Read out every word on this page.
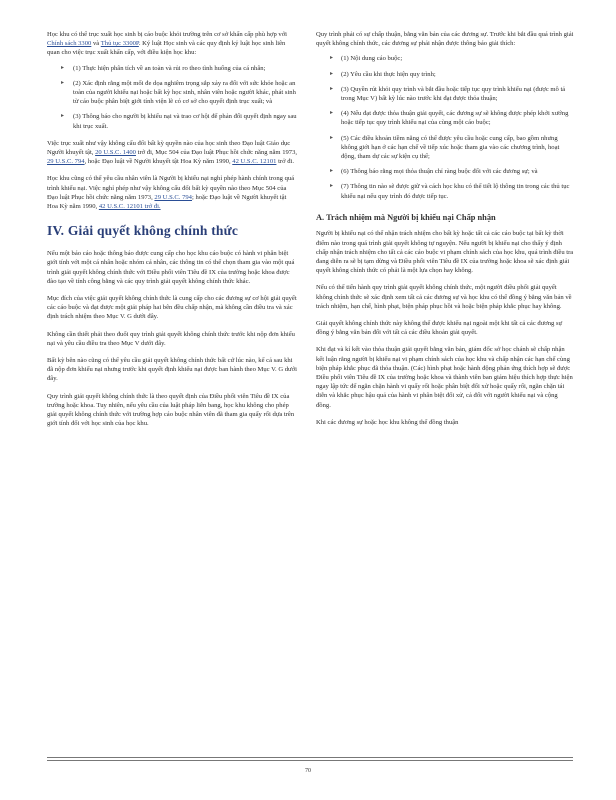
Học khu có thể trục xuất học sinh bị cáo buộc khỏi trường trên cơ sở khẩn cấp phù hợp với Chính sách 3300 và Thủ tục 3300P. Ký luật Học sinh và các quy định kỷ luật học sinh liên quan cho việc trục xuất khẩn cấp, với điều kiện học khu:

▸ (1) Thực hiện phân tích về an toàn và rủi ro theo tình huống của cá nhân;
▸ (2) Xác định rằng một mối đe dọa nghiêm trọng sắp xảy ra đối với sức khỏe hoặc an toàn của người khiếu nại hoặc bất kỳ học sinh, nhân viên hoặc người khác, phát sinh từ cáo buộc phân biệt giới tính viện lẽ có cơ sở cho quyết định trục xuất; và
▸ (3) Thông báo cho người bị khiếu nại và trao cơ hội để phản đối quyết định ngay sau khi trục xuất.

Việc trục xuất như vậy không cấu đổi bất kỳ quyền nào của học sinh theo Đạo luật Giáo dục Người khuyết tật, 20 U.S.C. 1400 trở đi, Mục 504 của Đạo luật Phục hồi chức năng năm 1973, 29 U.S.C. 794, hoặc Đạo luật về Người khuyết tật Hoa Kỳ năm 1990, 42 U.S.C. 12101 trở đi.

Học khu cũng có thể yêu cầu nhân viên là Người bị khiếu nại nghỉ phép hành chính trong quá trình khiếu nại. Việc nghỉ phép như vậy không cấu đổi bất kỳ quyền nào theo Mục 504 của Đạo luật Phục hồi chức năng năm 1973, 29 U.S.C. 794; hoặc Đạo luật về Người khuyết tật Hoa Kỳ năm 1990, 42 U.S.C. 12101 trở đi.

IV. Giải quyết không chính thức

Nếu một báo cáo hoặc thông báo được cung cấp cho học khu cáo buộc có hành vi phân biệt giới tính với một cá nhân hoặc nhóm cá nhân, các thông tin có thể chọn tham gia vào một quá trình giải quyết không chính thức với Điều phối viên Tiêu đề IX của trường hoặc khoa được đào tạo về tính công bằng và các quy trình giải quyết không chính thức khác.

Mục đích của việc giải quyết không chính thức là cung cấp cho các đương sự cơ hội giải quyết các cáo buộc và đạt được một giải pháp hai bên đều chấp nhận, mà không cần điều tra và xác định trách nhiệm theo Mục V. G dưới đây.

Không cần thiết phải theo đuổi quy trình giải quyết không chính thức trước khi nộp đơn khiếu nại và yêu cầu điều tra theo Mục V dưới đây.

Bất kỳ bên nào cũng có thể yêu cầu giải quyết không chính thức bất cứ lúc nào, kể cả sau khi đã nộp đơn khiếu nại nhưng trước khi quyết định khiếu nại được ban hành theo Mục V. G dưới đây.

Quy trình giải quyết không chính thức là theo quyết định của Điều phối viên Tiêu đề IX của trường hoặc khoa. Tuy nhiên, nếu yêu cầu của luật pháp liên bang, học khu không cho phép giải quyết không chính thức với trường hợp cáo buộc nhân viên đã tham gia quấy rối dựa trên giới tính đối với học sinh của học khu.

Quy trình phải có sự chấp thuận, bằng văn bản của các đương sự. Trước khi bắt đầu quá trình giải quyết không chính thức, các đương sự phải nhận được thông báo giải thích:

▸ (1) Nội dung cáo buộc;
▸ (2) Yêu cầu khi thực hiện quy trình;
▸ (3) Quyền rút khỏi quy trình và bắt đầu hoặc tiếp tục quy trình khiếu nại (được mô tả trong Mục V) bất kỳ lúc nào trước khi đạt được thỏa thuận;
▸ (4) Nếu đạt được thỏa thuận giải quyết, các đương sự sẽ không được phép khởi xướng hoặc tiếp tục quy trình khiếu nại của cùng một cáo buộc;
▸ (5) Các điều khoản tiềm năng có thể được yêu cầu hoặc cung cấp, bao gồm nhưng không giới hạn ở các hạn chế về tiếp xúc hoặc tham gia vào các chương trình, hoạt động, tham dự các sự kiện cụ thể;
▸ (6) Thông báo rằng mọi thỏa thuận chỉ ràng buộc đối với các đương sự; và
▸ (7) Thông tin nào sẽ được giữ và cách học khu có thể tiết lộ thông tin trong các thủ tục khiếu nại nếu quy trình đó được tiếp tục.
A. Trách nhiệm mà Người bị khiếu nại Chấp nhận

Người bị khiếu nại có thể nhận trách nhiệm cho bất kỳ hoặc tất cả các cáo buộc tại bất kỳ thời điểm nào trong quá trình giải quyết không tự nguyện. Nếu người bị khiếu nại cho thấy ý định chấp nhận trách nhiệm cho tất cả các cáo buộc vi phạm chính sách của học khu, quá trình điều tra đang diễn ra sẽ bị tạm dừng và Điều phối viên Tiêu đề IX của trường hoặc khoa sẽ xác định giải quyết không chính thức có phải là một lựa chọn hay không.

Nếu có thể tiến hành quy trình giải quyết không chính thức, một người điều phối giải quyết không chính thức sẽ xác định xem tất cả các đương sự và học khu có thể đồng ý bằng văn bản về trách nhiệm, hạn chế, hình phạt, biện pháp phục hồi và hoặc biện pháp khắc phục hay không.

Giải quyết không chính thức này không thể được khiếu nại ngoài một khi tất cả các đương sự đồng ý bằng văn bản đối với tất cả các điều khoản giải quyết.

Khi đạt và kí kết vào thỏa thuận giải quyết bằng văn bản, giám đốc sở học chánh sẽ chấp nhận kết luận rằng người bị khiếu nại vi phạm chính sách của học khu và chấp nhận các hạn chế cùng biện pháp khắc phục đã thỏa thuận. (Các) hình phạt hoặc hành động phản ứng thích hợp sẽ được Điều phối viên Tiêu đề IX của trường hoặc khoa và thành viên ban giám hiệu thích hợp thực hiện ngay lập tức để ngăn chặn hành vi quấy rối hoặc phân biệt đối xử hoặc quấy rối, ngăn chặn tái diễn và khắc phục hậu quả của hành vi phân biệt đối xử, cả đối với người khiếu nại và cộng đồng.

Khi các đương sự hoặc học khu không thể đồng thuận

70
